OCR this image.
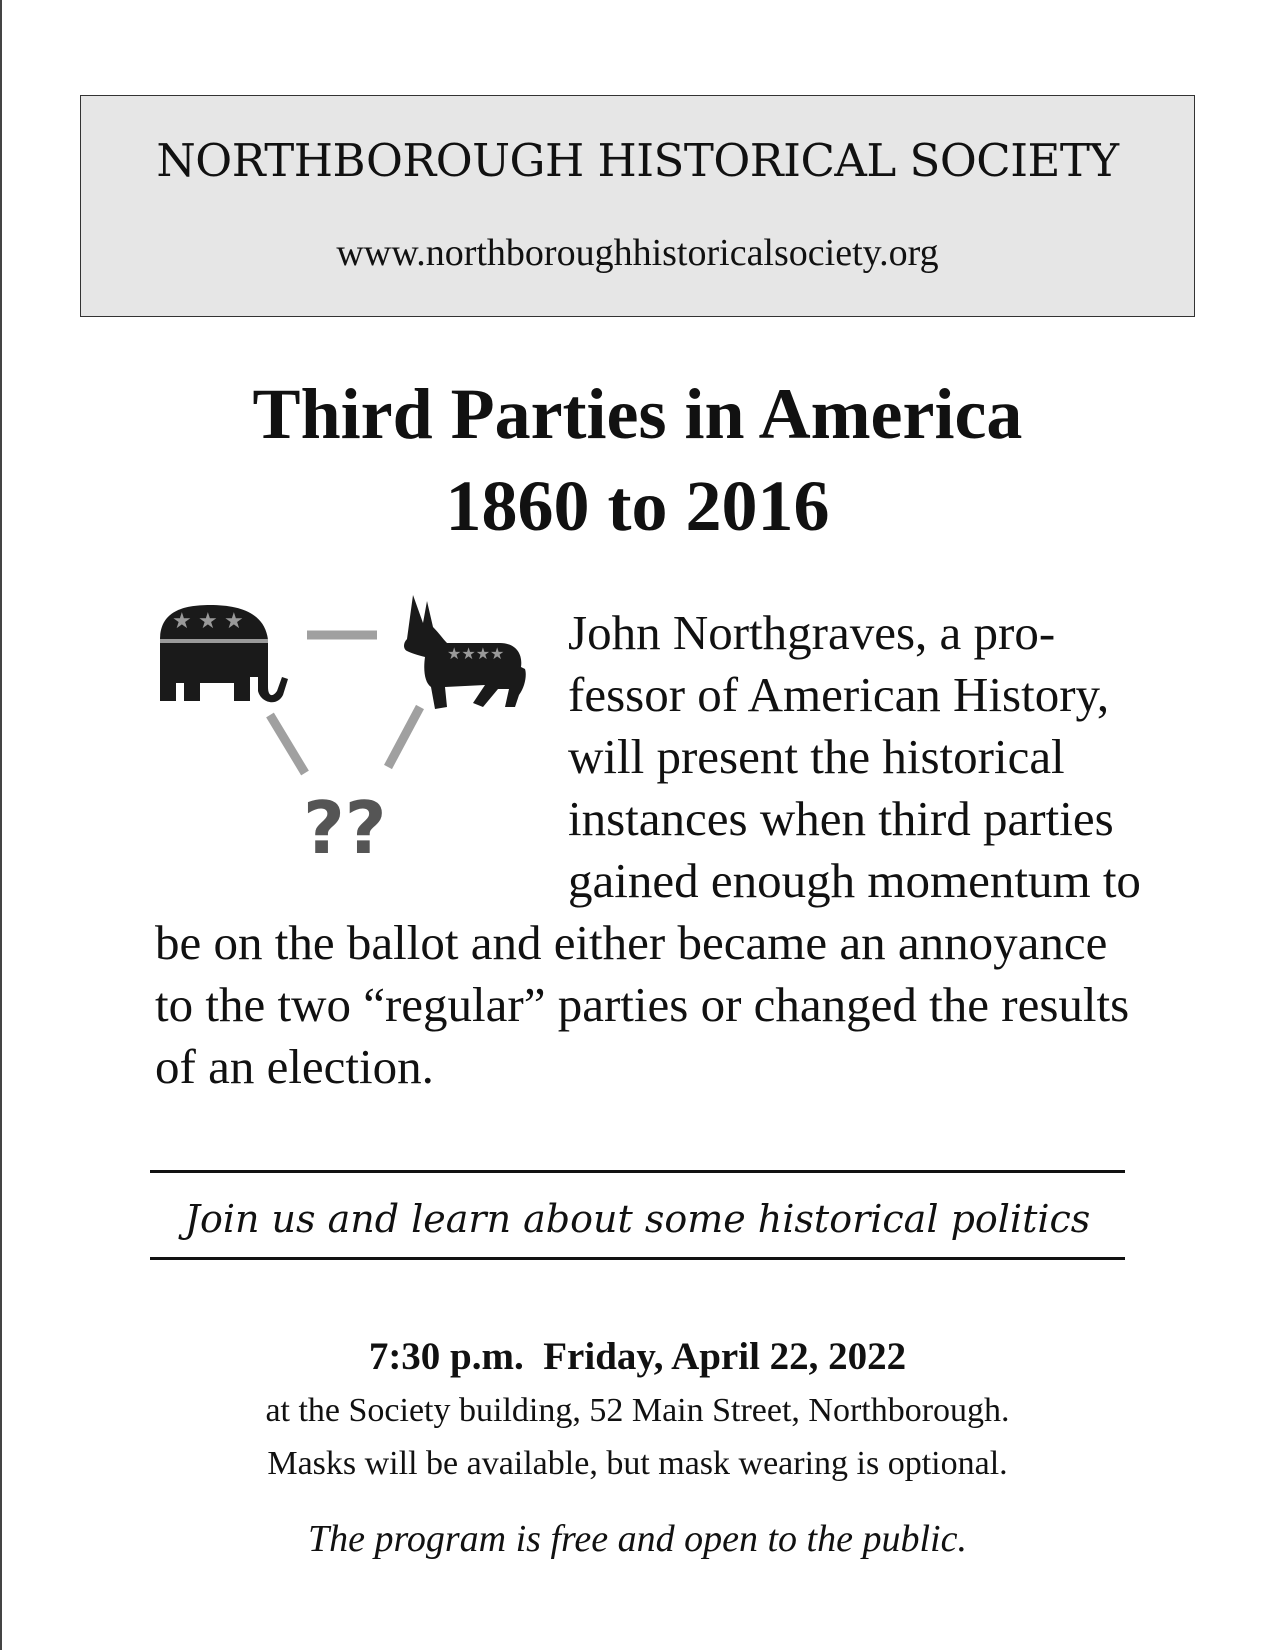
NORTHBOROUGH HISTORICAL SOCIETY
www.northboroughhistoricalsociety.org
Third Parties in America
1860 to 2016
★ ★ ★
★★★★
??
John Northgraves, a professor of American History, will present the historical instances when third parties gained enough momentum to be on the ballot and either became an annoyance to the two “regular” parties or changed the results of an election.
Join us and learn about some historical politics
7:30 p.m.  Friday, April 22, 2022
at the Society building, 52 Main Street, Northborough.
Masks will be available, but mask wearing is optional.
The program is free and open to the public.
